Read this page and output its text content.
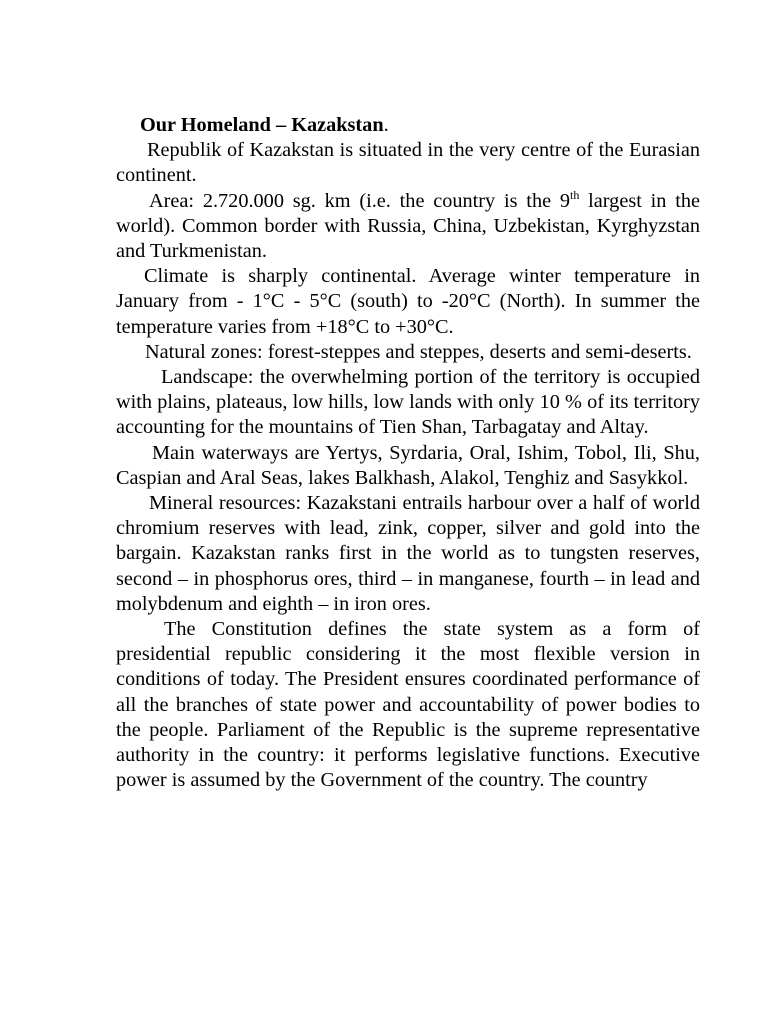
Our Homeland – Kazakstan.

Republik of Kazakstan is situated in the very centre of the Eurasian continent.

Area: 2.720.000 sg. km (i.e. the country is the 9th largest in the world). Common border with Russia, China, Uzbekistan, Kyrghyzstan and Turkmenistan.

Climate is sharply continental. Average winter temperature in January from - 1°C - 5°C (south) to -20°C (North). In summer the temperature varies from +18°C to +30°C.

Natural zones: forest-steppes and steppes, deserts and semi-deserts.

Landscape: the overwhelming portion of the territory is occupied with plains, plateaus, low hills, low lands with only 10 % of its territory accounting for the mountains of Tien Shan, Tarbagatay and Altay.

Main waterways are Yertys, Syrdaria, Oral, Ishim, Tobol, Ili, Shu, Caspian and Aral Seas, lakes Balkhash, Alakol, Tenghiz and Sasykkol.

Mineral resources: Kazakstani entrails harbour over a half of world chromium reserves with lead, zink, copper, silver and gold into the bargain. Kazakstan ranks first in the world as to tungsten reserves, second – in phosphorus ores, third – in manganese, fourth – in lead and molybdenum and eighth – in iron ores.

The Constitution defines the state system as a form of presidential republic considering it the most flexible version in conditions of today. The President ensures coordinated performance of all the branches of state power and accountability of power bodies to the people. Parliament of the Republic is the supreme representative authority in the country: it performs legislative functions. Executive power is assumed by the Government of the country. The country
